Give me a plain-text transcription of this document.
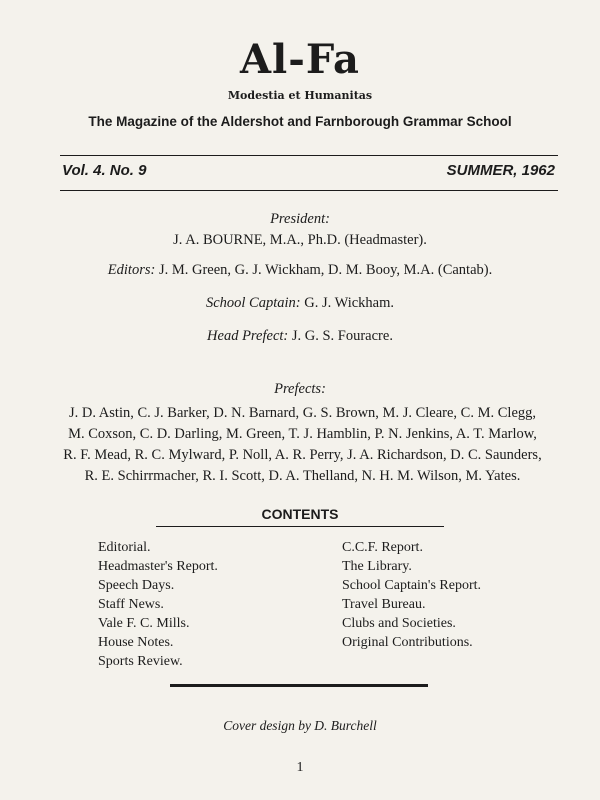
Al-Fa
Modestia et Humanitas
The Magazine of the Aldershot and Farnborough Grammar School
Vol. 4. No. 9	SUMMER, 1962
President:
J. A. BOURNE, M.A., Ph.D. (Headmaster).
Editors: J. M. Green, G. J. Wickham, D. M. Booy, M.A. (Cantab).
School Captain: G. J. Wickham.
Head Prefect: J. G. S. Fouracre.
Prefects:
J. D. Astin, C. J. Barker, D. N. Barnard, G. S. Brown, M. J. Cleare, C. M. Clegg,
M. Coxson, C. D. Darling, M. Green, T. J. Hamblin, P. N. Jenkins, A. T. Marlow,
R. F. Mead, R. C. Mylward, P. Noll, A. R. Perry, J. A. Richardson, D. C. Saunders,
R. E. Schirrmacher, R. I. Scott, D. A. Thelland, N. H. M. Wilson, M. Yates.
CONTENTS
Editorial.
Headmaster's Report.
Speech Days.
Staff News.
Vale F. C. Mills.
House Notes.
Sports Review.
C.C.F. Report.
The Library.
School Captain's Report.
Travel Bureau.
Clubs and Societies.
Original Contributions.
Cover design by D. Burchell
1
